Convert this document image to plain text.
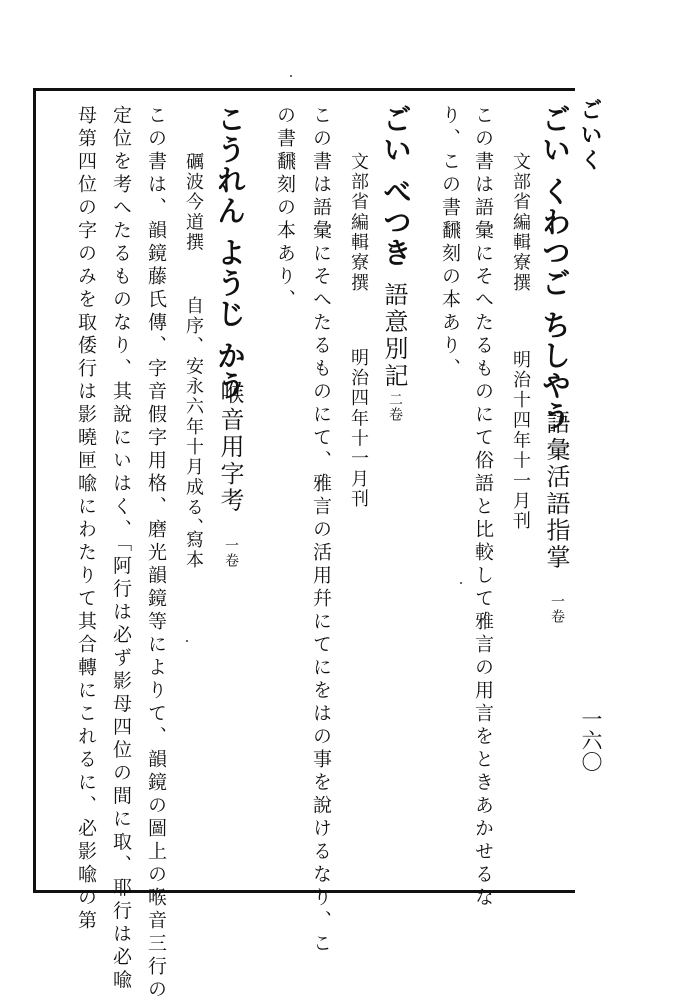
ごいく
一六〇
ごい くわつご ちしやう
語彙活語指掌
一卷
文部省編輯寮撰
明治十四年十一月刊
この書は語彙にそへたるものにて俗語と比較して雅言の用言をときあかせるな
り、この書飜刻の本あり、
ごい べつき
語意別記
二卷
文部省編輯寮撰
明治四年十一月刊
この書は語彙にそへたるものにて、雅言の活用幷にてにをはの事を說けるなり、こ
の書飜刻の本あり、
こうれん ようじ かう
喉音用字考
一卷
礪波今道撰
自序、安永六年十月成る、
寫本
この書は、韻鏡藤氏傳、字音假字用格、磨光韻鏡等によりて、韻鏡の圖上の喉音三行の
定位を考へたるものなり、其說にいはく、「阿行は必ず影母四位の間に取、耶行は必喩
母第四位の字のみを取倭行は影曉匣喩にわたりて其合轉にこれるに、必影喩の第
